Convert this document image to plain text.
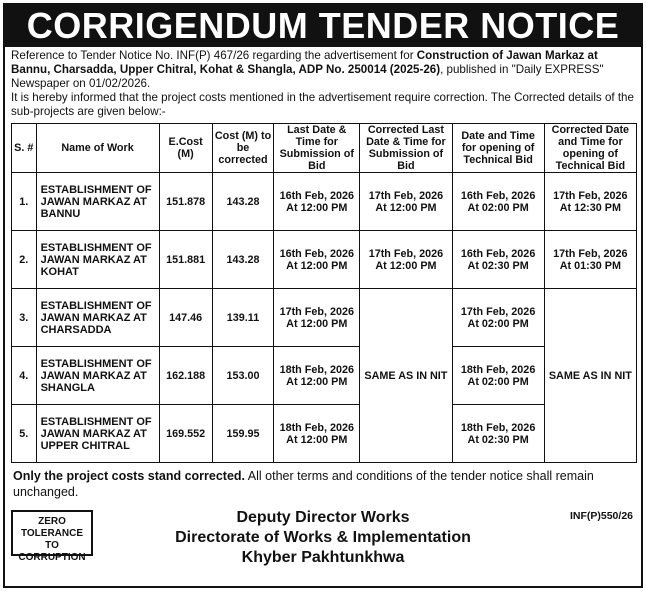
CORRIGENDUM TENDER NOTICE
Reference to Tender Notice No. INF(P) 467/26 regarding the advertisement for Construction of Jawan Markaz at Bannu, Charsadda, Upper Chitral, Kohat & Shangla, ADP No. 250014 (2025-26), published in "Daily EXPRESS" Newspaper on 01/02/2026.
It is hereby informed that the project costs mentioned in the advertisement require correction. The Corrected details of the sub-projects are given below:-
S. #	Name of Work	E.Cost (M)	Cost (M) to be corrected	Last Date & Time for Submission of Bid	Corrected Last Date & Time for Submission of Bid	Date and Time for opening of Technical Bid	Corrected Date and Time for opening of Technical Bid
1.	ESTABLISHMENT OF JAWAN MARKAZ AT BANNU	151.878	143.28	16th Feb, 2026 At 12:00 PM	17th Feb, 2026 At 12:00 PM	16th Feb, 2026 At 02:00 PM	17th Feb, 2026 At 12:30 PM
2.	ESTABLISHMENT OF JAWAN MARKAZ AT KOHAT	151.881	143.28	16th Feb, 2026 At 12:00 PM	17th Feb, 2026 At 12:00 PM	16th Feb, 2026 At 02:30 PM	17th Feb, 2026 At 01:30 PM
3.	ESTABLISHMENT OF JAWAN MARKAZ AT CHARSADDA	147.46	139.11	17th Feb, 2026 At 12:00 PM	SAME AS IN NIT	17th Feb, 2026 At 02:00 PM	SAME AS IN NIT
4.	ESTABLISHMENT OF JAWAN MARKAZ AT SHANGLA	162.188	153.00	18th Feb, 2026 At 12:00 PM		18th Feb, 2026 At 02:00 PM	
5.	ESTABLISHMENT OF JAWAN MARKAZ AT UPPER CHITRAL	169.552	159.95	18th Feb, 2026 At 12:00 PM		18th Feb, 2026 At 02:30 PM	
Only the project costs stand corrected. All other terms and conditions of the tender notice shall remain unchanged.
ZERO TOLERANCE TO CORRUPTION
Deputy Director Works
Directorate of Works & Implementation
Khyber Pakhtunkhwa
INF(P)550/26
